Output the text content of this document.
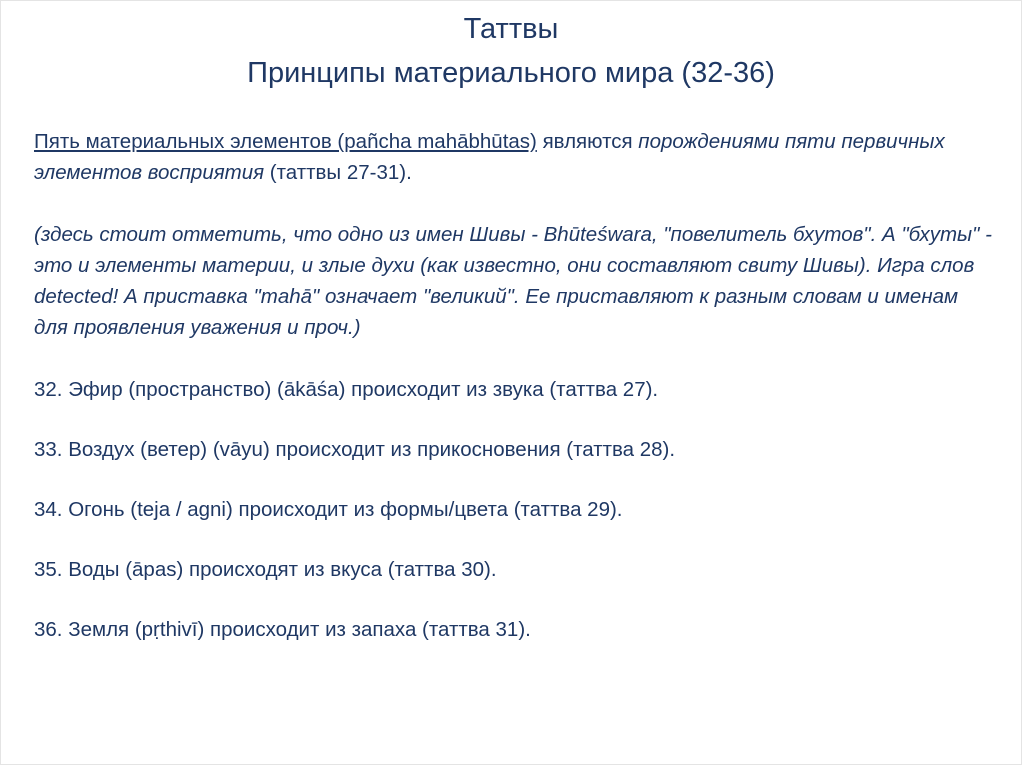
Таттвы
Принципы материального мира (32-36)

Пять материальных элементов (pañcha mahābhūtas) являются порождениями пяти первичных элементов восприятия (таттвы 27-31).

(здесь стоит отметить, что одно из имен Шивы - Bhūteśwara, "повелитель бхутов". А "бхуты" - это и элементы материи, и злые духи (как известно, они составляют свиту Шивы). Игра слов detected! А приставка "mahā" означает "великий". Ее приставляют к разным словам и именам для проявления уважения и проч.)

32. Эфир (пространство) (ākāśa) происходит из звука (таттва 27).

33. Воздух (ветер) (vāyu) происходит из прикосновения (таттва 28).

34. Огонь (teja / agni) происходит из формы/цвета (таттва 29).

35. Воды (āpas) происходят из вкуса (таттва 30).

36. Земля (pṛthivī) происходит из запаха (таттва 31).
